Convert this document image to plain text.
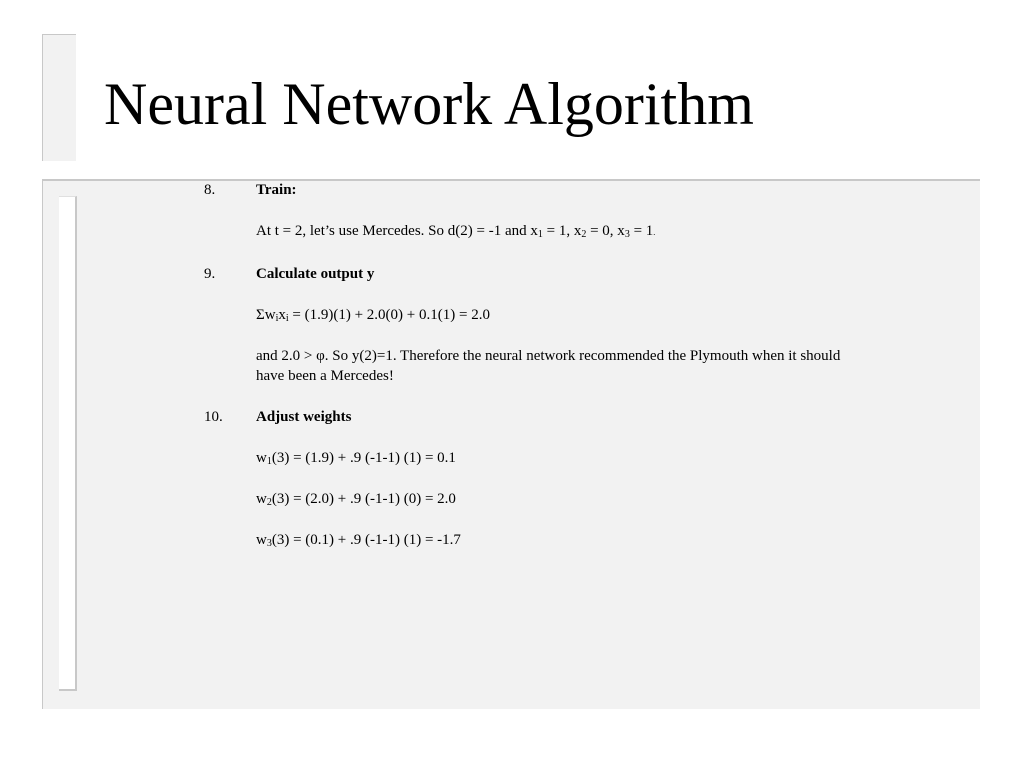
Neural Network Algorithm
8.	Train:
At t = 2, let’s use Mercedes. So d(2) = -1 and $x_1 = 1$, $x_2 = 0$, $x_3 = 1$.
9.	Calculate output y
$\Sigma w_ix_i = (1.9)(1) + 2.0(0) + 0.1(1) = 2.0$
and 2.0 > φ. So y(2)=1. Therefore the neural network recommended the Plymouth when it should have been a Mercedes!
10. Adjust weights
$w_1(3) = (1.9) + .9$ (-1-1) (1) = 0.1
$w_2(3) = (2.0) + .9$ (-1-1) (0) = 2.0
$w_3(3) = (0.1) + .9$ (-1-1) (1) = -1.7
